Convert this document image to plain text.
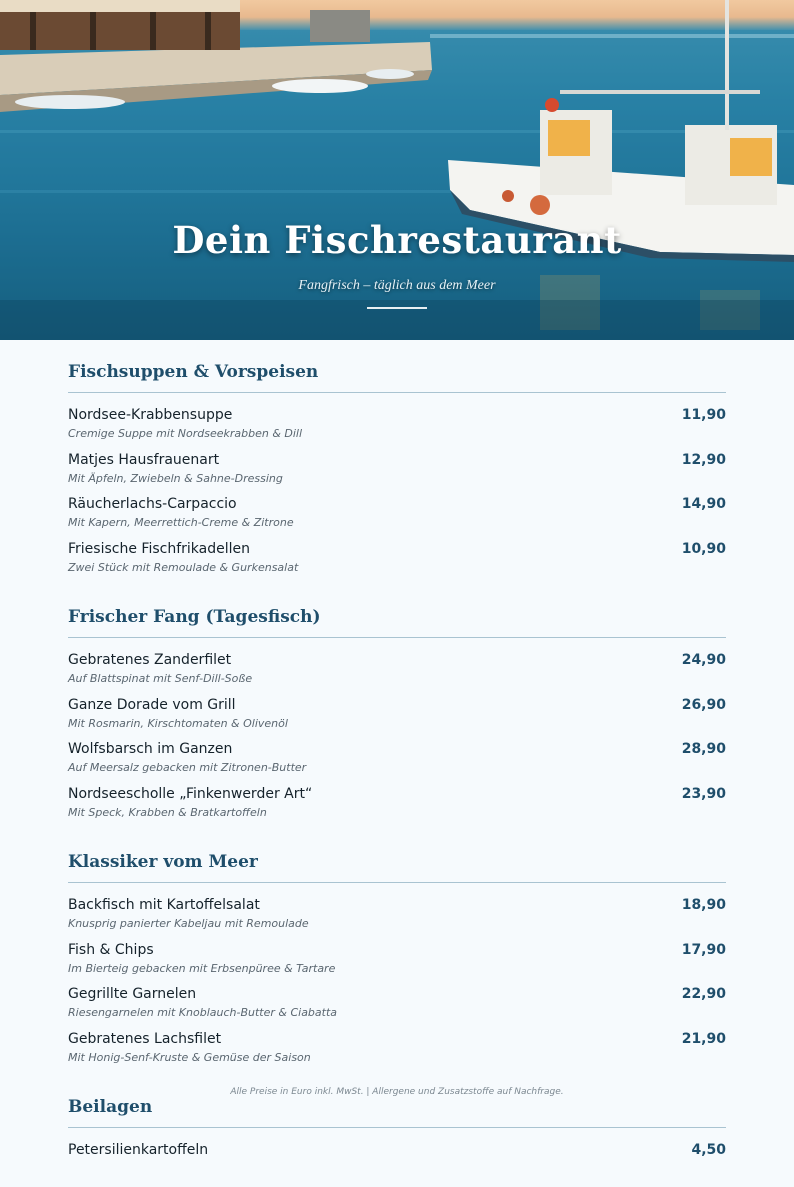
Dein Fischrestaurant
Fangfrisch – täglich aus dem Meer
Fischsuppen & Vorspeisen
Nordsee-Krabbensuppe	11,90
Cremige Suppe mit Nordseekrabben & Dill
Matjes Hausfrauenart	12,90
Mit Äpfeln, Zwiebeln & Sahne-Dressing
Räucherlachs-Carpaccio	14,90
Mit Kapern, Meerrettich-Creme & Zitrone
Friesische Fischfrikadellen	10,90
Zwei Stück mit Remoulade & Gurkensalat
Frischer Fang (Tagesfisch)
Gebratenes Zanderfilet	24,90
Auf Blattspinat mit Senf-Dill-Soße
Ganze Dorade vom Grill	26,90
Mit Rosmarin, Kirschtomaten & Olivenöl
Wolfsbarsch im Ganzen	28,90
Auf Meersalz gebacken mit Zitronen-Butter
Nordseescholle „Finkenwerder Art“	23,90
Mit Speck, Krabben & Bratkartoffeln
Klassiker vom Meer
Backfisch mit Kartoffelsalat	18,90
Knusprig panierter Kabeljau mit Remoulade
Fish & Chips	17,90
Im Bierteig gebacken mit Erbsenpüree & Tartare
Gegrillte Garnelen	22,90
Riesengarnelen mit Knoblauch-Butter & Ciabatta
Gebratenes Lachsfilet	21,90
Mit Honig-Senf-Kruste & Gemüse der Saison
Beilagen
Petersilienkartoffeln	4,50
Alle Preise in Euro inkl. MwSt. | Allergene und Zusatzstoffe auf Nachfrage.
